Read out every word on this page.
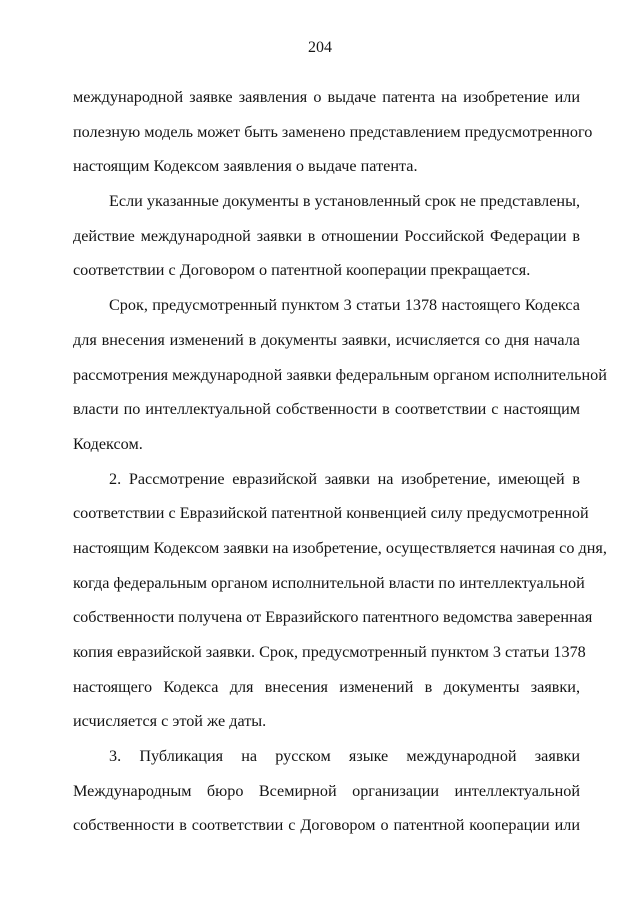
204
международной заявке заявления о выдаче патента на изобретение или
полезную модель может быть заменено представлением предусмотренного
настоящим Кодексом заявления о выдаче патента.
Если указанные документы в установленный срок не представлены,
действие международной заявки в отношении Российской Федерации в
соответствии с Договором о патентной кооперации прекращается.
Срок, предусмотренный пунктом 3 статьи 1378 настоящего Кодекса
для внесения изменений в документы заявки, исчисляется со дня начала
рассмотрения международной заявки федеральным органом исполнительной
власти по интеллектуальной собственности в соответствии с настоящим
Кодексом.
2. Рассмотрение евразийской заявки на изобретение, имеющей в
соответствии с Евразийской патентной конвенцией силу предусмотренной
настоящим Кодексом заявки на изобретение, осуществляется начиная со дня,
когда федеральным органом исполнительной власти по интеллектуальной
собственности получена от Евразийского патентного ведомства заверенная
копия евразийской заявки. Срок, предусмотренный пунктом 3 статьи 1378
настоящего Кодекса для внесения изменений в документы заявки,
исчисляется с этой же даты.
3. Публикация на русском языке международной заявки
Международным бюро Всемирной организации интеллектуальной
собственности в соответствии с Договором о патентной кооперации или
